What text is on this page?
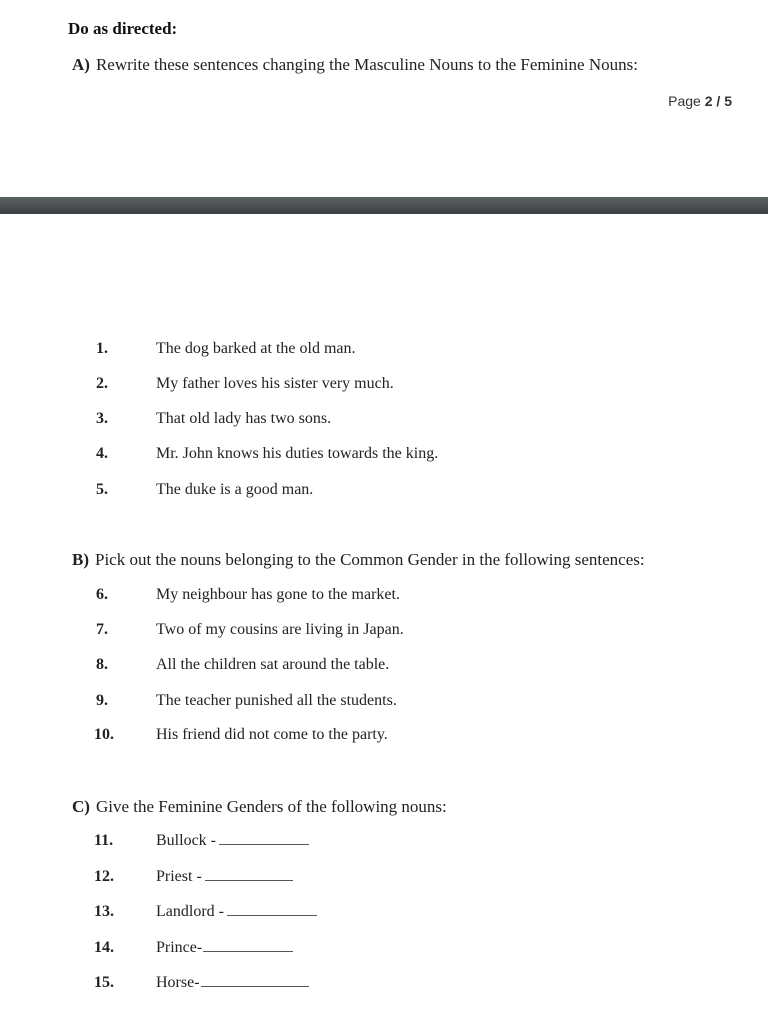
Do as directed:
A) Rewrite these sentences changing the Masculine Nouns to the Feminine Nouns:
Page 2 / 5
1.	The dog barked at the old man.
2.	My father loves his sister very much.
3.	That old lady has two sons.
4.	Mr. John knows his duties towards the king.
5.	The duke is a good man.
B) Pick out the nouns belonging to the Common Gender in the following sentences:
6.	My neighbour has gone to the market.
7.	Two of my cousins are living in Japan.
8.	All the children sat around the table.
9.	The teacher punished all the students.
10.	His friend did not come to the party.
C) Give the Feminine Genders of the following nouns:
11.	Bullock -
12.	Priest -
13.	Landlord -
14.	Prince-
15.	Horse-
